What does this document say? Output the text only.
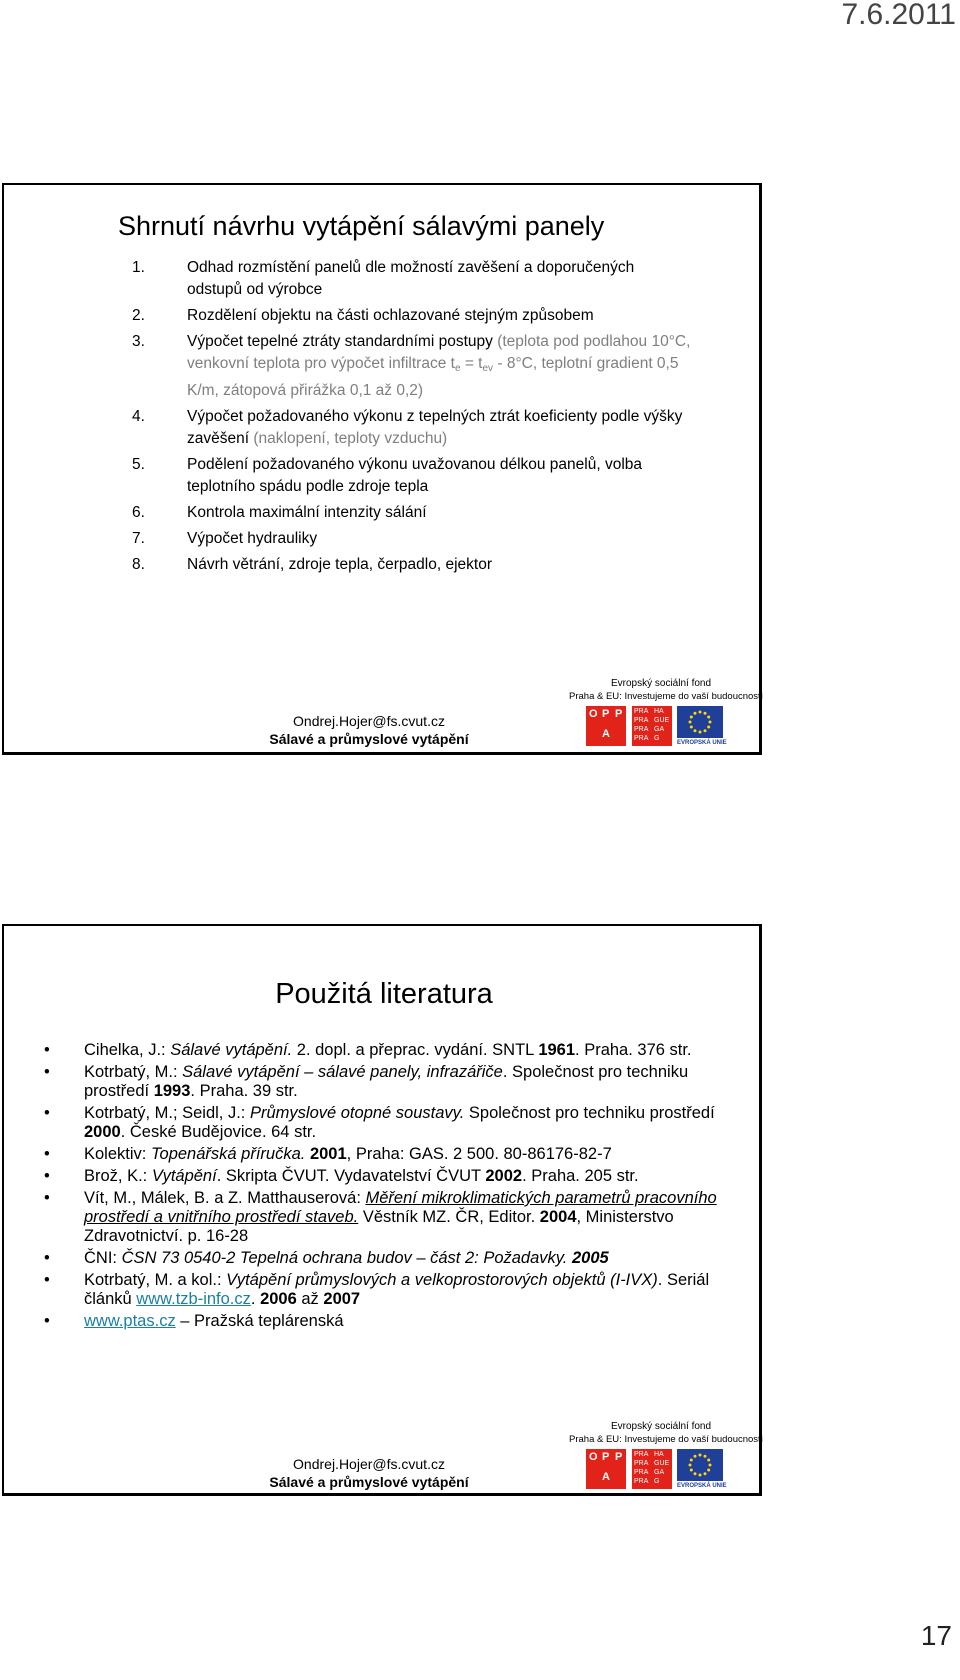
7.6.2011
Shrnutí návrhu vytápění sálavými panely
1.	Odhad rozmístění panelů dle možností zavěšení a doporučených odstupů od výrobce
2.	Rozdělení objektu na části ochlazované stejným způsobem
3.	Výpočet tepelné ztráty standardními postupy (teplota pod podlahou 10°C, venkovní teplota pro výpočet infiltrace $t_e = t_{ev} - 8^\circ C$, teplotní gradient 0,5 K/m, zátopová přirážka 0,1 až 0,2)
4.	Výpočet požadovaného výkonu z tepelných ztrát koeficienty podle výšky zavěšení (naklopení, teploty vzduchu)
5.	Podělení požadovaného výkonu uvažovanou délkou panelů, volba teplotního spádu podle zdroje tepla
6.	Kontrola maximální intenzity sálání
7.	Výpočet hydrauliky
8.	Návrh větrání, zdroje tepla, čerpadlo, ejektor
Ondrej.Hojer@fs.cvut.cz
Sálavé a průmyslové vytápění
Evropský sociální fond
Praha & EU: Investujeme do vaší budoucnosti
O P P
A
PRA HA
PRA GUE
PRA GA
PRA G
EVROPSKÁ UNIE
Použitá literatura
• Cihelka, J.: Sálavé vytápění. 2. dopl. a přeprac. vydání. SNTL 1961. Praha. 376 str.
• Kotrbatý, M.: Sálavé vytápění – sálavé panely, infrazářiče. Společnost pro techniku prostředí 1993. Praha. 39 str.
• Kotrbatý, M.; Seidl, J.: Průmyslové otopné soustavy. Společnost pro techniku prostředí 2000. České Budějovice. 64 str.
• Kolektiv: Topenářská příručka. 2001, Praha: GAS. 2 500. 80-86176-82-7
• Brož, K.: Vytápění. Skripta ČVUT. Vydavatelství ČVUT 2002. Praha. 205 str.
• Vít, M., Málek, B. a Z. Matthauserová: Měření mikroklimatických parametrů pracovního prostředí a vnitřního prostředí staveb. Věstník MZ. ČR, Editor. 2004, Ministerstvo Zdravotnictví. p. 16-28
• ČNI: ČSN 73 0540-2 Tepelná ochrana budov – část 2: Požadavky. 2005
• Kotrbatý, M. a kol.: Vytápění průmyslových a velkoprostorových objektů (I-IVX). Seriál článků www.tzb-info.cz. 2006 až 2007
• www.ptas.cz – Pražská teplárenská
Ondrej.Hojer@fs.cvut.cz
Sálavé a průmyslové vytápění
Evropský sociální fond
Praha & EU: Investujeme do vaší budoucnosti
O P P
A
PRA HA
PRA GUE
PRA GA
PRA G
EVROPSKÁ UNIE
17
